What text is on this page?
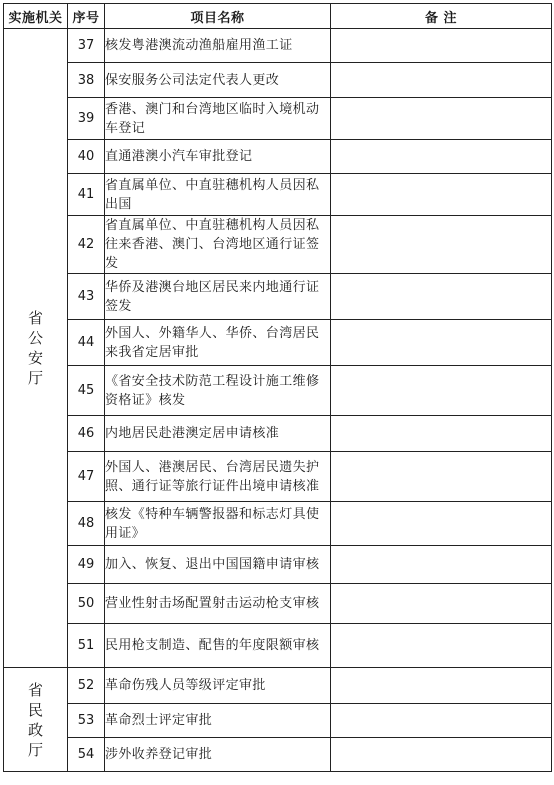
实施机关	序号	项目名称	备 注
省公安厅	37	核发粤港澳流动渔船雇用渔工证	
	38	保安服务公司法定代表人更改	
	39	香港、澳门和台湾地区临时入境机动车登记	
	40	直通港澳小汽车审批登记	
	41	省直属单位、中直驻穗机构人员因私出国	
	42	省直属单位、中直驻穗机构人员因私往来香港、澳门、台湾地区通行证签发	
	43	华侨及港澳台地区居民来内地通行证签发	
	44	外国人、外籍华人、华侨、台湾居民来我省定居审批	
	45	《省安全技术防范工程设计施工维修资格证》核发	
	46	内地居民赴港澳定居申请核准	
	47	外国人、港澳居民、台湾居民遗失护照、通行证等旅行证件出境申请核准	
	48	核发《特种车辆警报器和标志灯具使用证》	
	49	加入、恢复、退出中国国籍申请审核	
	50	营业性射击场配置射击运动枪支审核	
	51	民用枪支制造、配售的年度限额审核	
省民政厅	52	革命伤残人员等级评定审批	
	53	革命烈士评定审批	
	54	涉外收养登记审批	
